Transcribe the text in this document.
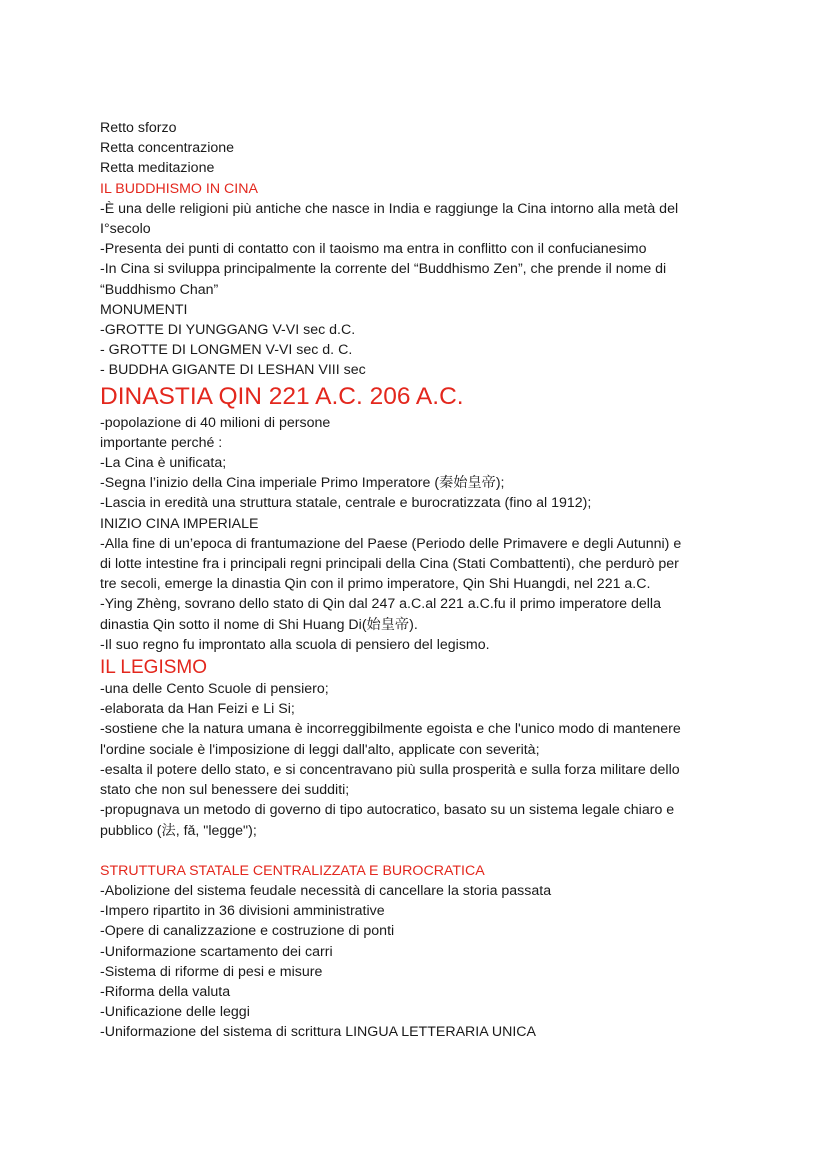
Retto sforzo
Retta concentrazione
Retta meditazione
IL BUDDHISMO IN CINA
-È una delle religioni più antiche che nasce in India e raggiunge la Cina intorno alla metà del
I°secolo
-Presenta dei punti di contatto con il taoismo ma entra in conflitto con il confucianesimo
-In Cina si sviluppa principalmente la corrente del “Buddhismo Zen”, che prende il nome di
“Buddhismo Chan”
MONUMENTI
-GROTTE DI YUNGGANG V-VI sec d.C.
- GROTTE DI LONGMEN V-VI sec d. C.
- BUDDHA GIGANTE DI LESHAN VIII sec
DINASTIA QIN 221 A.C. 206 A.C.
-popolazione di 40 milioni di persone
importante perché :
-La Cina è unificata;
-Segna l’inizio della Cina imperiale Primo Imperatore (秦始皇帝);
-Lascia in eredità una struttura statale, centrale e burocratizzata (fino al 1912);
INIZIO CINA IMPERIALE
-Alla fine di un’epoca di frantumazione del Paese (Periodo delle Primavere e degli Autunni) e
di lotte intestine fra i principali regni principali della Cina (Stati Combattenti), che perdurò per
tre secoli, emerge la dinastia Qin con il primo imperatore, Qin Shi Huangdi, nel 221 a.C.
-Ying Zhèng, sovrano dello stato di Qin dal 247 a.C.al 221 a.C.fu il primo imperatore della
dinastia Qin sotto il nome di Shi Huang Di(始皇帝).
-Il suo regno fu improntato alla scuola di pensiero del legismo.
IL LEGISMO
-una delle Cento Scuole di pensiero;
-elaborata da Han Feizi e Li Si;
-sostiene che la natura umana è incorreggibilmente egoista e che l'unico modo di mantenere
l'ordine sociale è l'imposizione di leggi dall'alto, applicate con severità;
-esalta il potere dello stato, e si concentravano più sulla prosperità e sulla forza militare dello
stato che non sul benessere dei sudditi;
-propugnava un metodo di governo di tipo autocratico, basato su un sistema legale chiaro e
pubblico (法, fǎ, "legge");
STRUTTURA STATALE CENTRALIZZATA E BUROCRATICA
-Abolizione del sistema feudale necessità di cancellare la storia passata
-Impero ripartito in 36 divisioni amministrative
-Opere di canalizzazione e costruzione di ponti
-Uniformazione scartamento dei carri
-Sistema di riforme di pesi e misure
-Riforma della valuta
-Unificazione delle leggi
-Uniformazione del sistema di scrittura LINGUA LETTERARIA UNICA
